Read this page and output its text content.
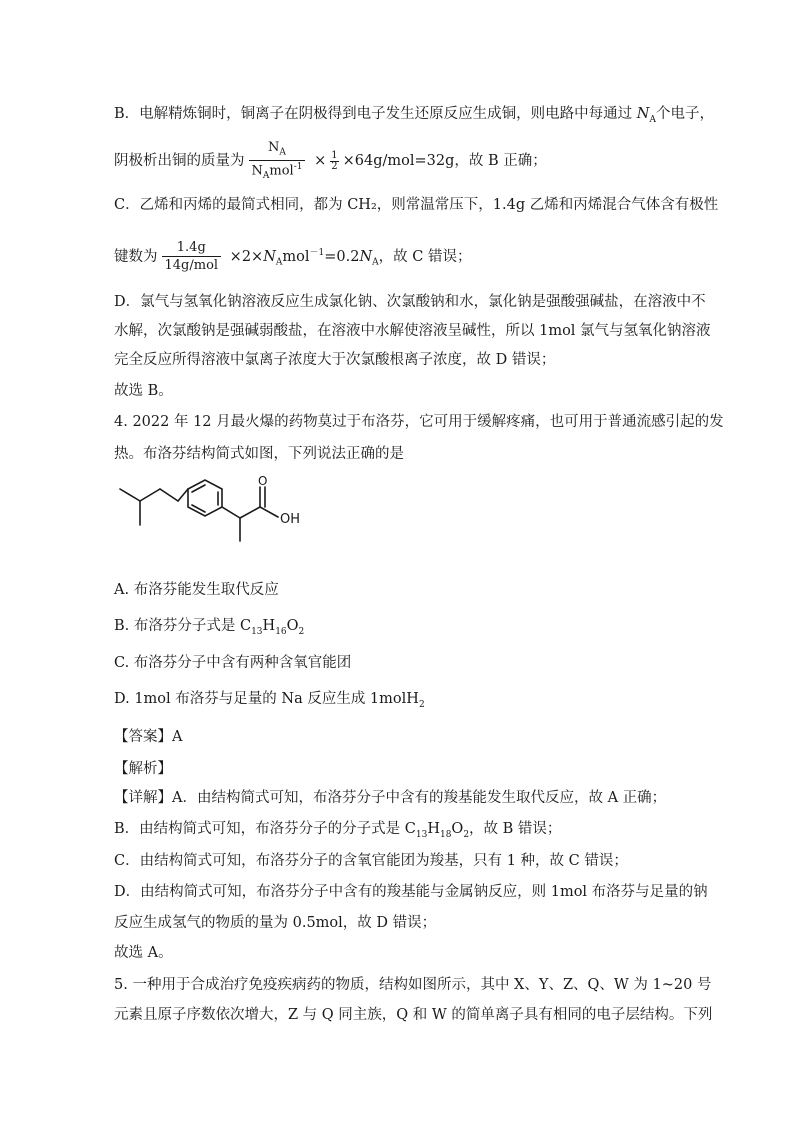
B．电解精炼铜时，铜离子在阴极得到电子发生还原反应生成铜，则电路中每通过 $N_A$个电子，
阴极析出铜的质量为 $\frac{N_A}{N_Amol^{-1}} \times \frac{1}{2} \times 64g/mol=32g$，故 B 正确；
C．乙烯和丙烯的最简式相同，都为 CH₂，则常温常压下，1.4g 乙烯和丙烯混合气体含有极性
键数为 $\frac{1.4g}{\text{14g/mol}} \times 2\times N_Amol^{-1}=0.2N_A$，故 C 错误；
D．氯气与氢氧化钠溶液反应生成氯化钠、次氯酸钠和水，氯化钠是强酸强碱盐，在溶液中不
水解，次氯酸钠是强碱弱酸盐，在溶液中水解使溶液呈碱性，所以 1mol 氯气与氢氧化钠溶液
完全反应所得溶液中氯离子浓度大于次氯酸根离子浓度，故 D 错误；
故选 B。
4. 2022 年 12 月最火爆的药物莫过于布洛芬，它可用于缓解疼痛，也可用于普通流感引起的发
热。布洛芬结构简式如图，下列说法正确的是
O
OH
A. 布洛芬能发生取代反应
B. 布洛芬分子式是 $C_{13}H_{16}O_2$
C. 布洛芬分子中含有两种含氧官能团
D. 1mol 布洛芬与足量的 Na 反应生成 1molH$_2$
【答案】A
【解析】
【详解】A．由结构简式可知，布洛芬分子中含有的羧基能发生取代反应，故 A 正确；
B．由结构简式可知，布洛芬分子的分子式是 $C_{13}H_{18}O_2$，故 B 错误；
C．由结构简式可知，布洛芬分子的含氧官能团为羧基，只有 1 种，故 C 错误；
D．由结构简式可知，布洛芬分子中含有的羧基能与金属钠反应，则 1mol 布洛芬与足量的钠
反应生成氢气的物质的量为 0.5mol，故 D 错误；
故选 A。
5. 一种用于合成治疗免疫疾病药的物质，结构如图所示，其中 X、Y、Z、Q、W 为 1~20 号
元素且原子序数依次增大，Z 与 Q 同主族，Q 和 W 的简单离子具有相同的电子层结构。下列
